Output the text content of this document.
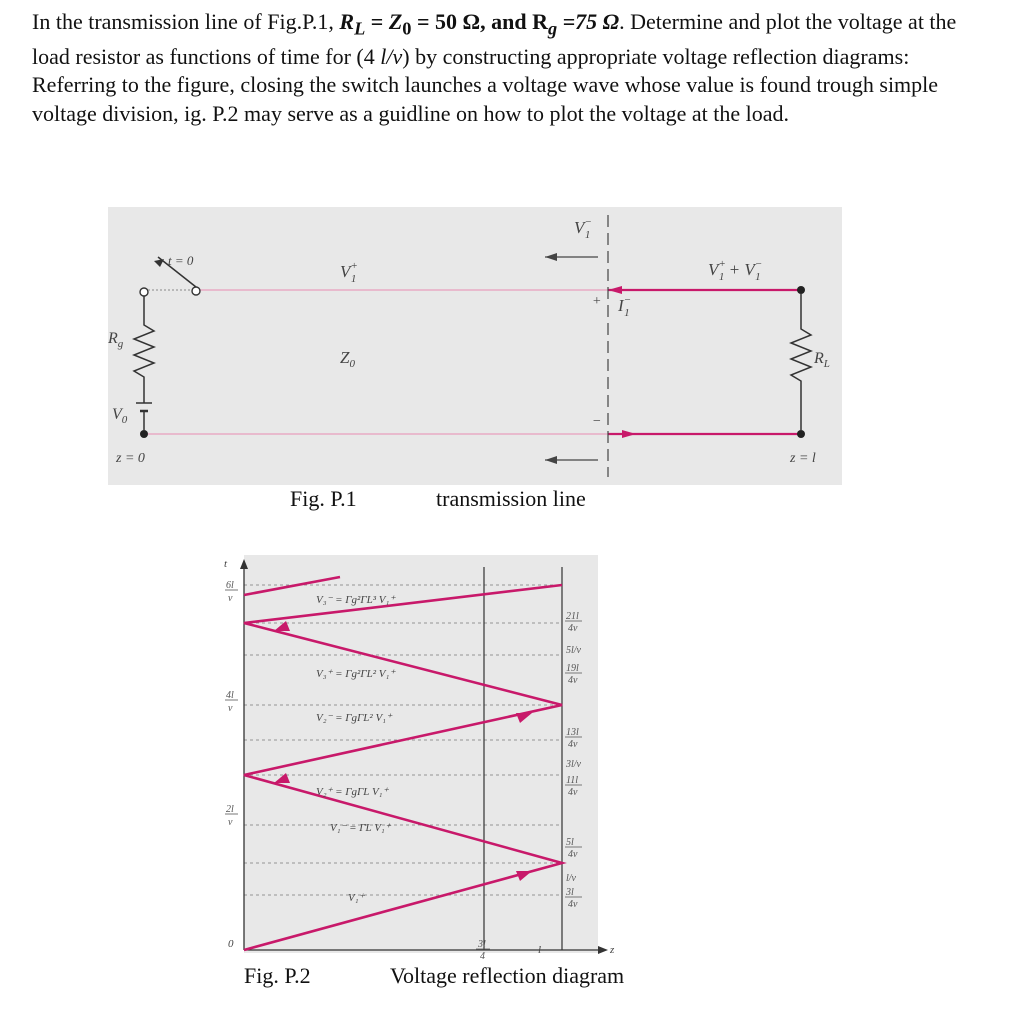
In the transmission line of Fig.P.1, $R_L = Z_0 = 50$ Ω, and $R_g =75$ Ω. Determine and plot the voltage at the load resistor as functions of time for (4 l/v) by constructing appropriate voltage reflection diagrams: Referring to the figure, closing the switch launches a voltage wave whose value is found trough simple voltage division, ig. P.2 may serve as a guidline on how to plot the voltage at the load.

t = 0
$R_g$
$V_0$
z = 0	z = l
V+ 1
$Z_0$
V− 1
+
−
I− 1
V+ 1 + V− 1
$R_L$
Fig. P.1	transmission line
t
z
0	3l
4
l
6l
v
4l
v
2l
v
21l
4v
5l/v
19l
4v
13l
4v
3l/v
11l
4v
5l
4v
l/v
3l
4v
V₃⁻ = Γg²ΓL³ V₁⁺
V₃⁺ = Γg²ΓL² V₁⁺
V₂⁻ = ΓgΓL² V₁⁺
V₂⁺ = ΓgΓL V₁⁺
V₁⁻ = ΓL V₁⁺
V₁⁺
Fig. P.2	Voltage reflection diagram
